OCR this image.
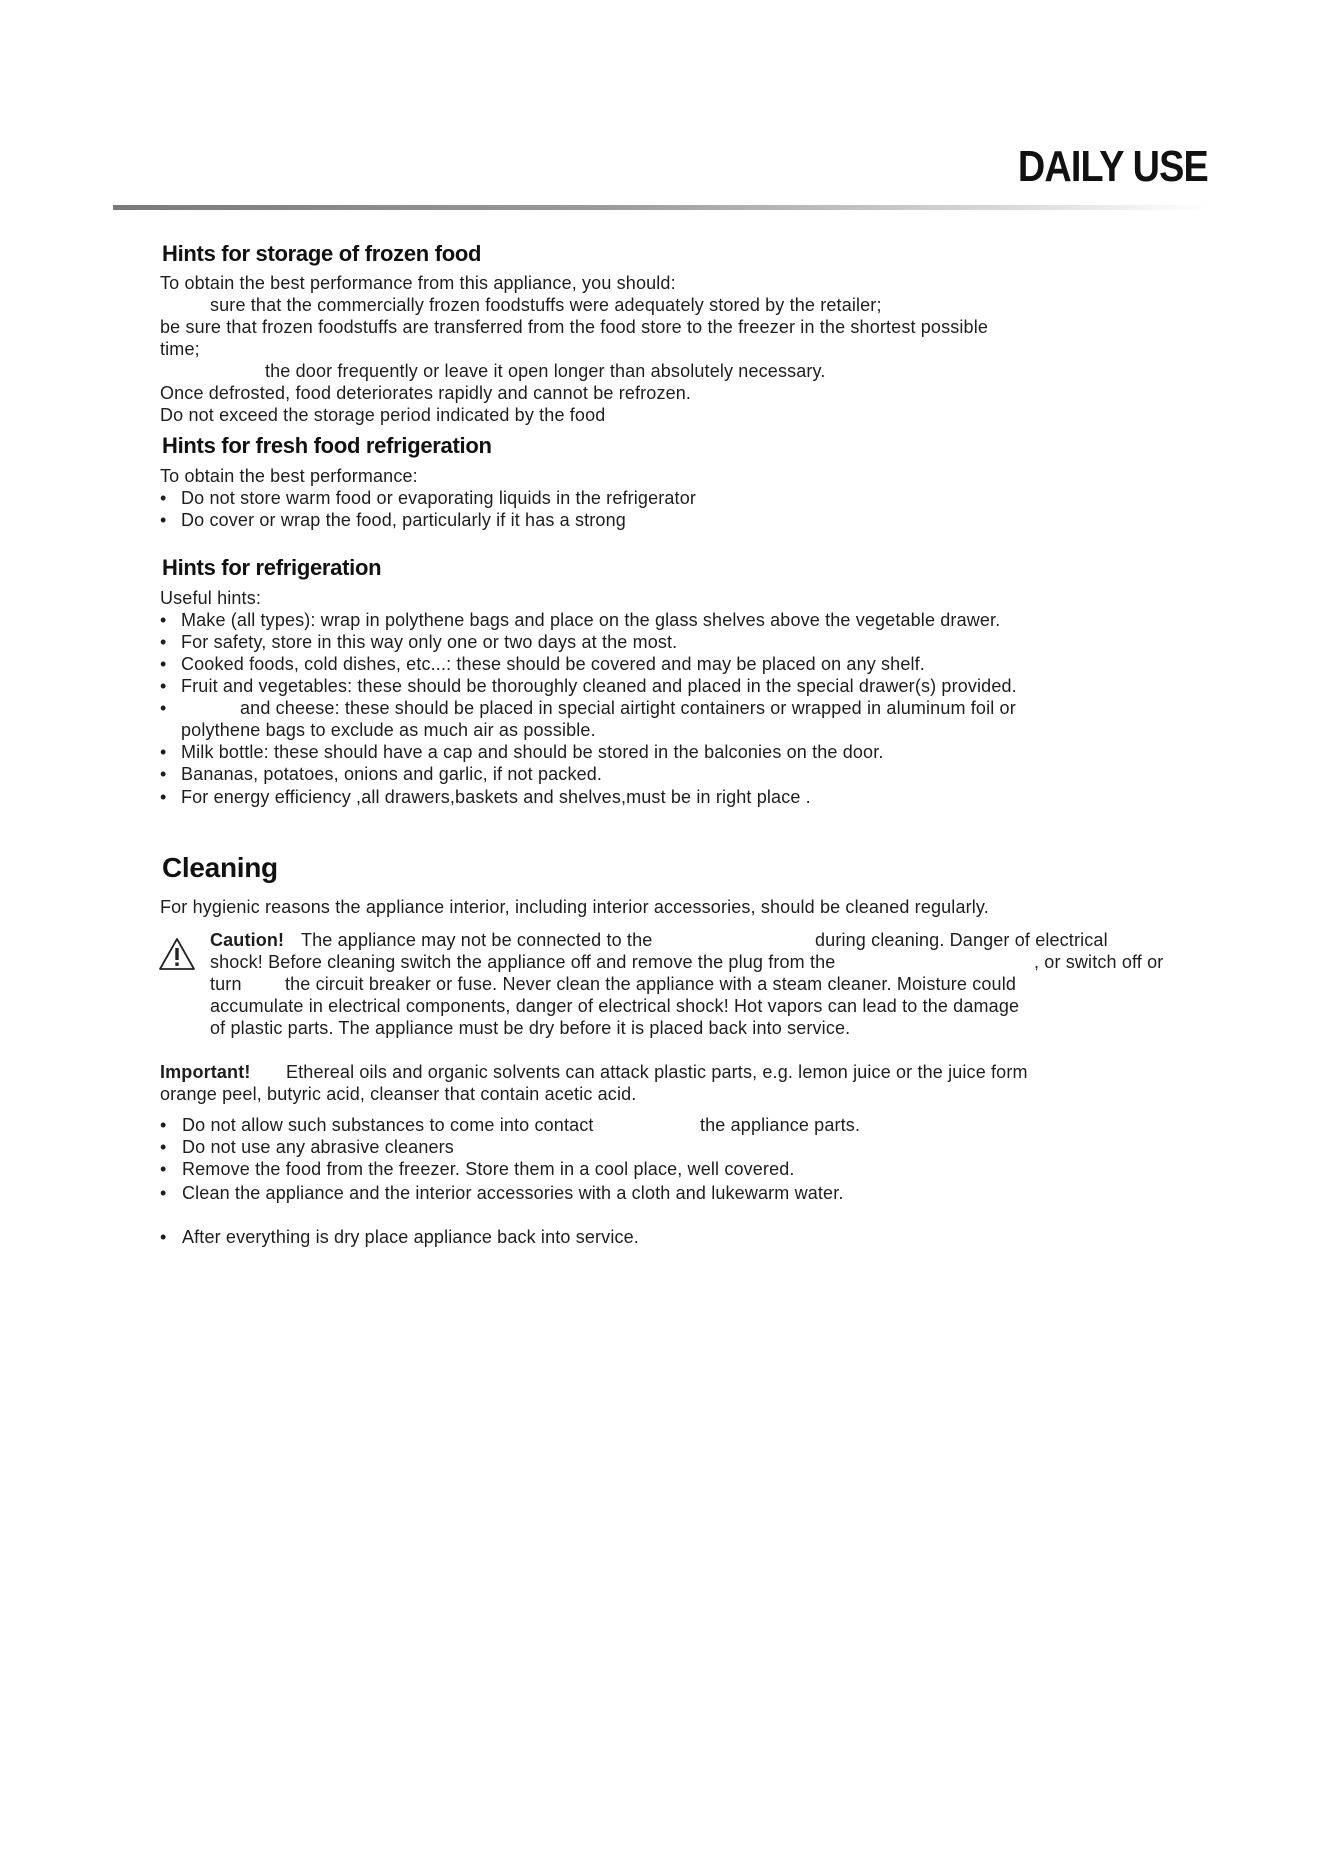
DAILY USE
Hints for storage of frozen food
To obtain the best performance from this appliance, you should:
sure that the commercially frozen foodstuffs were adequately stored by the retailer;
be sure that frozen foodstuffs are transferred from the food store to the freezer in the shortest possible
time;
the door frequently or leave it open longer than absolutely necessary.
Once defrosted, food deteriorates rapidly and cannot be refrozen.
Do not exceed the storage period indicated by the food
Hints for fresh food refrigeration
To obtain the best performance:
• Do not store warm food or evaporating liquids in the refrigerator
• Do cover or wrap the food, particularly if it has a strong
Hints for refrigeration
Useful hints:
• Make (all types): wrap in polythene bags and place on the glass shelves above the vegetable drawer.
• For safety, store in this way only one or two days at the most.
• Cooked foods, cold dishes, etc...: these should be covered and may be placed on any shelf.
• Fruit and vegetables: these should be thoroughly cleaned and placed in the special drawer(s) provided.
•	and cheese: these should be placed in special airtight containers or wrapped in aluminum foil or
polythene bags to exclude as much air as possible.
• Milk bottle: these should have a cap and should be stored in the balconies on the door.
• Bananas, potatoes, onions and garlic, if not packed.
• For energy efficiency ,all drawers,baskets and shelves,must be in right place .
Cleaning
For hygienic reasons the appliance interior, including interior accessories, should be cleaned regularly.
Caution! The appliance may not be connected to the	during cleaning. Danger of electrical
shock! Before cleaning switch the appliance off and remove the plug from the	, or switch off or
turn the circuit breaker or fuse. Never clean the appliance with a steam cleaner. Moisture could
accumulate in electrical components, danger of electrical shock! Hot vapors can lead to the damage
of plastic parts. The appliance must be dry before it is placed back into service.
Important! Ethereal oils and organic solvents can attack plastic parts, e.g. lemon juice or the juice form
orange peel, butyric acid, cleanser that contain acetic acid.
• Do not allow such substances to come into contact	the appliance parts.
• Do not use any abrasive cleaners
• Remove the food from the freezer. Store them in a cool place, well covered.
• Clean the appliance and the interior accessories with a cloth and lukewarm water.
• After everything is dry place appliance back into service.
